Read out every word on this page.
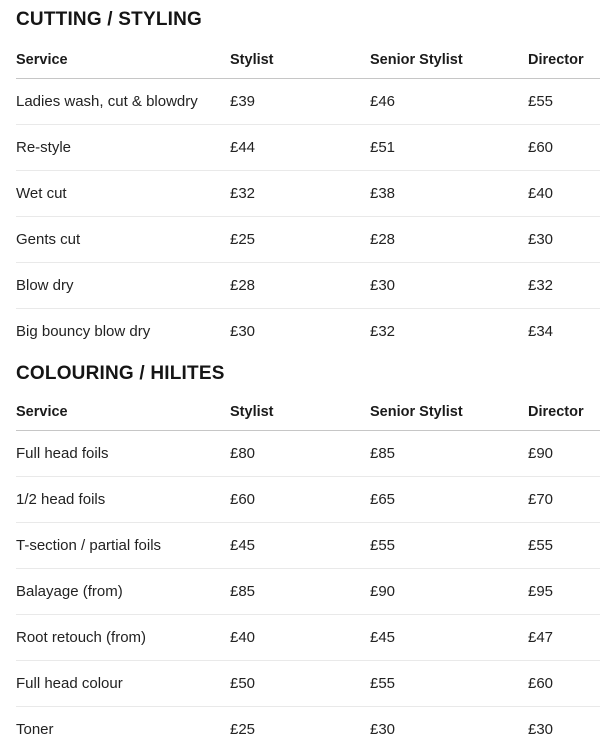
CUTTING / STYLING
Service	Stylist	Senior Stylist	Director
Ladies wash, cut & blowdry	£39	£46	£55
Re-style	£44	£51	£60
Wet cut	£32	£38	£40
Gents cut	£25	£28	£30
Blow dry	£28	£30	£32
Big bouncy blow dry	£30	£32	£34
COLOURING / HILITES
Service	Stylist	Senior Stylist	Director
Full head foils	£80	£85	£90
1/2 head foils	£60	£65	£70
T-section / partial foils	£45	£55	£55
Balayage (from)	£85	£90	£95
Root retouch (from)	£40	£45	£47
Full head colour	£50	£55	£60
Toner	£25	£30	£30
